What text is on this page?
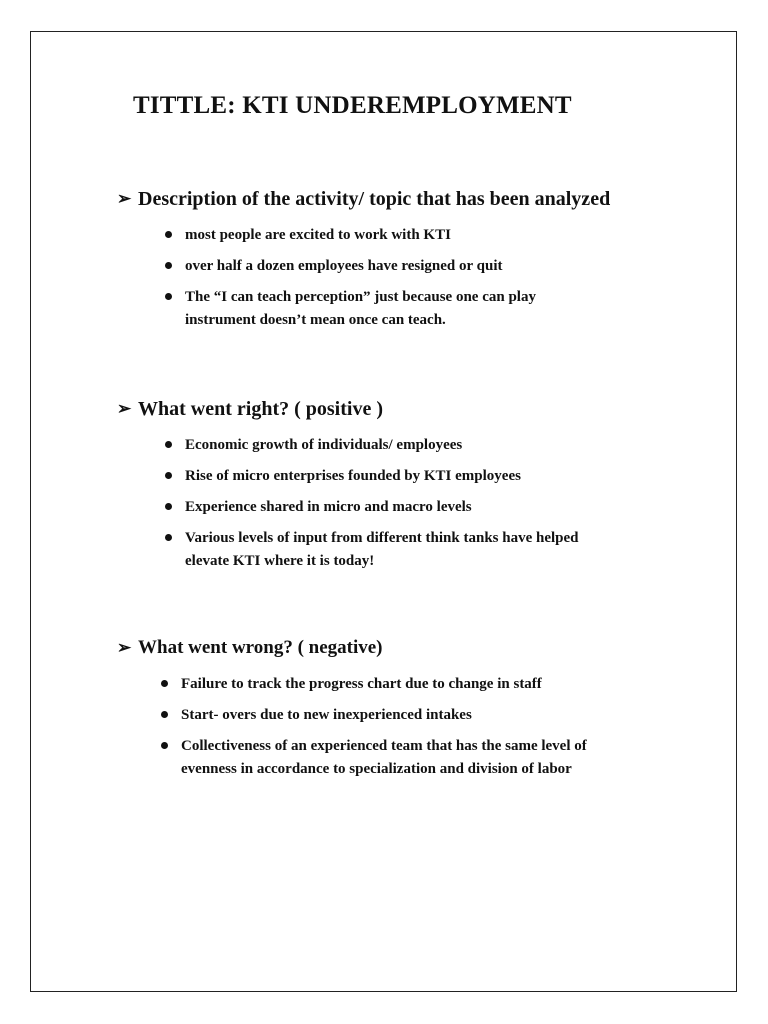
TITTLE: KTI UNDEREMPLOYMENT
➢ Description of the activity/ topic that has been analyzed
most people are excited to work with KTI
over half a dozen employees have resigned or quit
The “I can teach perception” just because one can play
instrument doesn’t mean once can teach.
➢ What went right? ( positive )
Economic growth of individuals/ employees
Rise of micro enterprises founded by KTI employees
Experience shared in micro and macro levels
Various levels of input from different think tanks have helped
elevate KTI where it is today!
➢ What went wrong? ( negative)
Failure to track the progress chart due to change in staff
Start- overs due to new inexperienced intakes
Collectiveness of an experienced team that has the same level of
evenness in accordance to specialization and division of labor
